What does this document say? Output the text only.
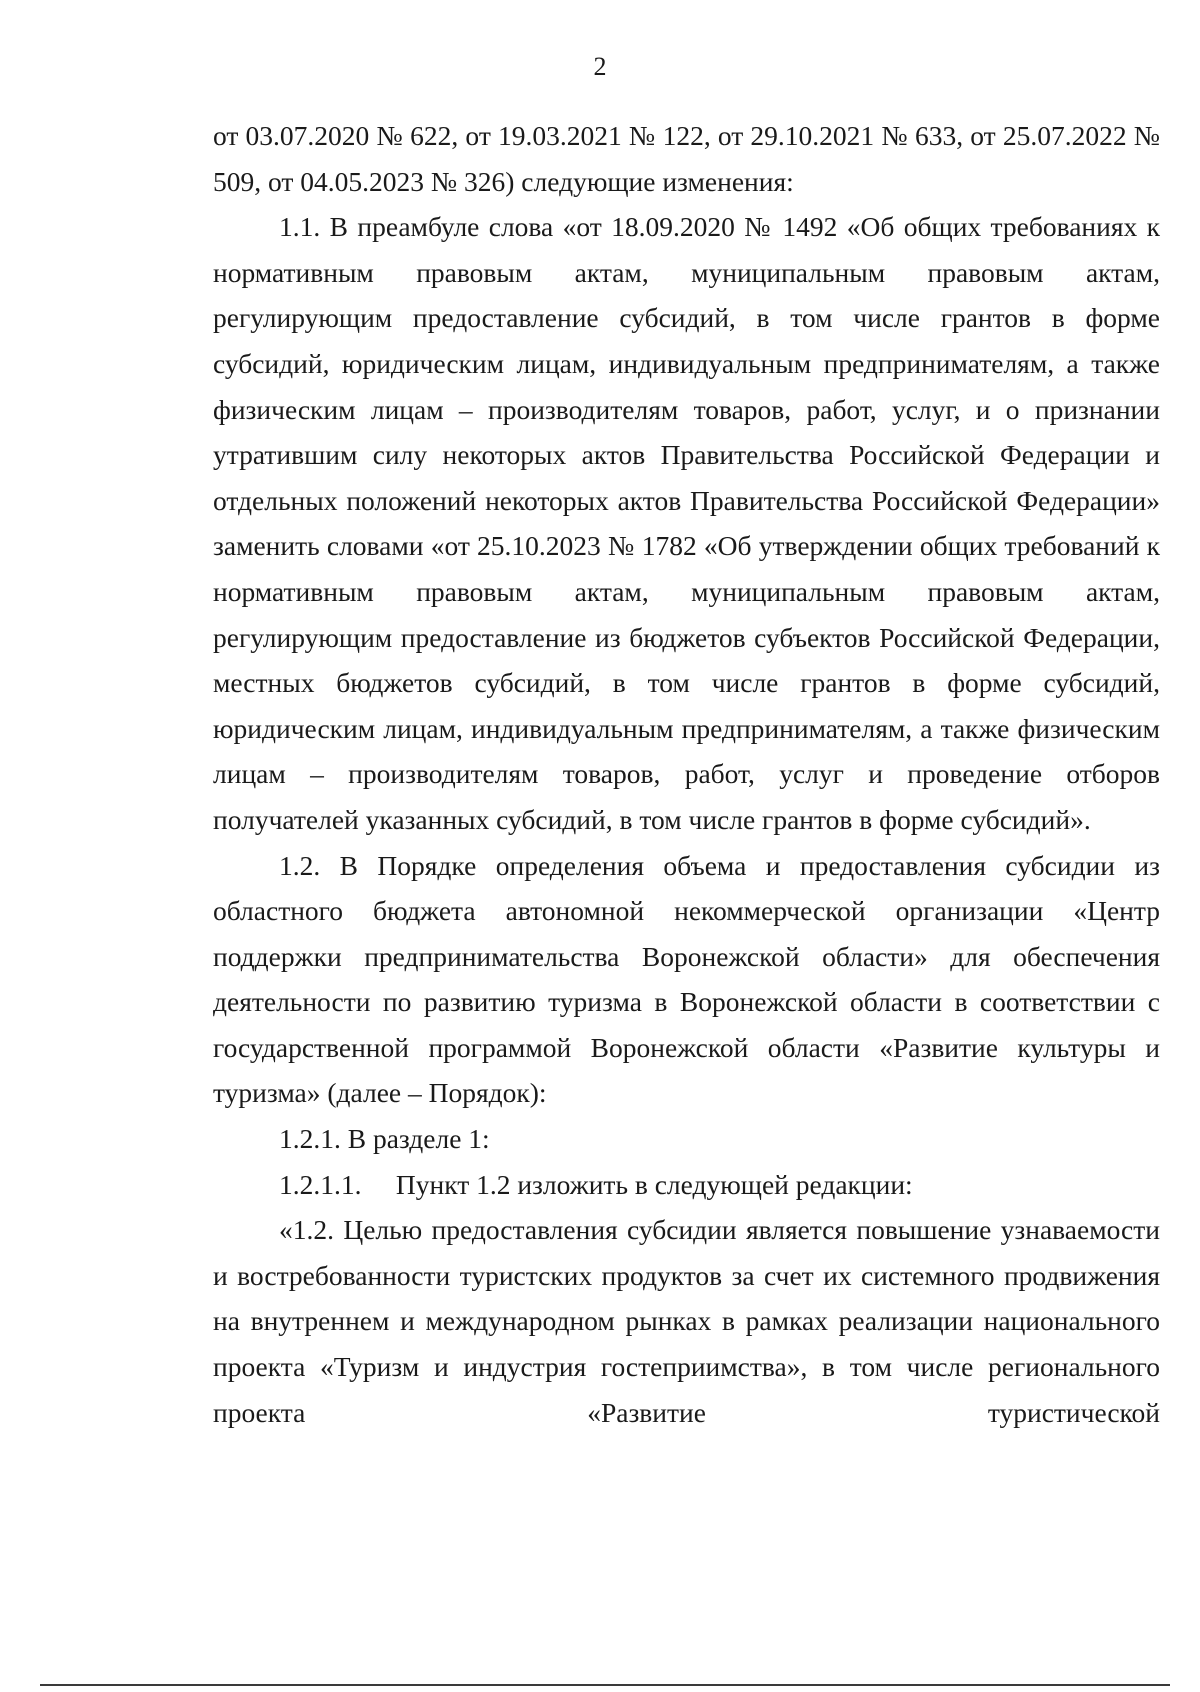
2

от 03.07.2020 № 622, от 19.03.2021 № 122, от 29.10.2021 № 633, от 25.07.2022 № 509, от 04.05.2023 № 326) следующие изменения:

1.1. В преамбуле слова «от 18.09.2020 № 1492 «Об общих требованиях к нормативным правовым актам, муниципальным правовым актам, регулирующим предоставление субсидий, в том числе грантов в форме субсидий, юридическим лицам, индивидуальным предпринимателям, а также физическим лицам – производителям товаров, работ, услуг, и о признании утратившим силу некоторых актов Правительства Российской Федерации и отдельных положений некоторых актов Правительства Российской Федерации» заменить словами «от 25.10.2023 № 1782 «Об утверждении общих требований к нормативным правовым актам, муниципальным правовым актам, регулирующим предоставление из бюджетов субъектов Российской Федерации, местных бюджетов субсидий, в том числе грантов в форме субсидий, юридическим лицам, индивидуальным предпринимателям, а также физическим лицам – производителям товаров, работ, услуг и проведение отборов получателей указанных субсидий, в том числе грантов в форме субсидий».

1.2. В Порядке определения объема и предоставления субсидии из областного бюджета автономной некоммерческой организации «Центр поддержки предпринимательства Воронежской области» для обеспечения деятельности по развитию туризма в Воронежской области в соответствии с государственной программой Воронежской области «Развитие культуры и туризма» (далее – Порядок):

1.2.1. В разделе 1:

1.2.1.1.     Пункт 1.2 изложить в следующей редакции:

«1.2. Целью предоставления субсидии является повышение узнаваемости и востребованности туристских продуктов за счет их системного продвижения на внутреннем и международном рынках в рамках реализации национального проекта «Туризм и индустрия гостеприимства», в том числе регионального проекта «Развитие туристической
